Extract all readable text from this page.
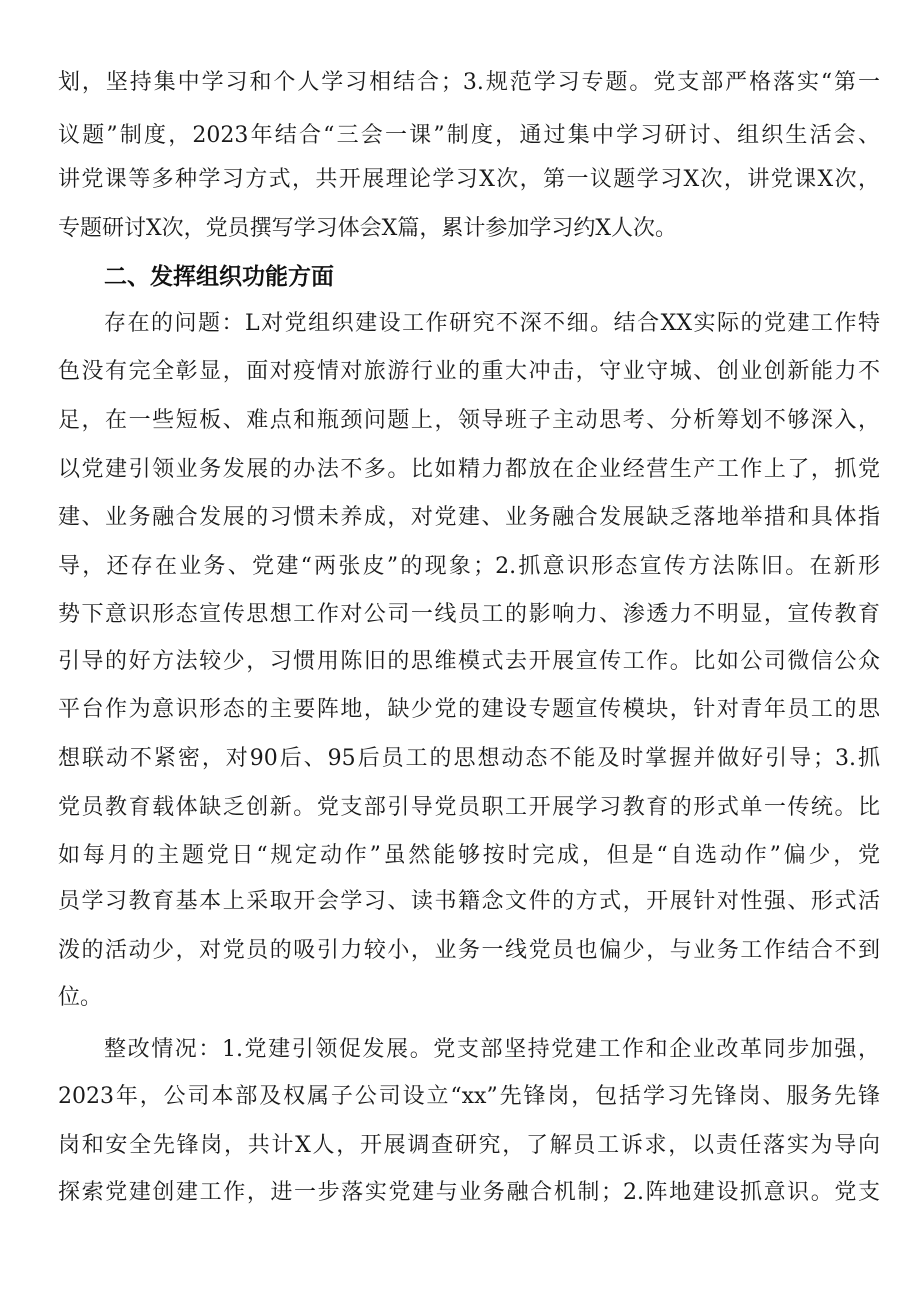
划，坚持集中学习和个人学习相结合；3.规范学习专题。党支部严格落实“第一
议题”制度，2023年结合“三会一课”制度，通过集中学习研讨、组织生活会、
讲党课等多种学习方式，共开展理论学习X次，第一议题学习X次，讲党课X次，
专题研讨X次，党员撰写学习体会X篇，累计参加学习约X人次。
二、发挥组织功能方面
存在的问题：L对党组织建设工作研究不深不细。结合XX实际的党建工作特
色没有完全彰显，面对疫情对旅游行业的重大冲击，守业守城、创业创新能力不
足，在一些短板、难点和瓶颈问题上，领导班子主动思考、分析筹划不够深入，
以党建引领业务发展的办法不多。比如精力都放在企业经营生产工作上了，抓党
建、业务融合发展的习惯未养成，对党建、业务融合发展缺乏落地举措和具体指
导，还存在业务、党建“两张皮”的现象；2.抓意识形态宣传方法陈旧。在新形
势下意识形态宣传思想工作对公司一线员工的影响力、渗透力不明显，宣传教育
引导的好方法较少，习惯用陈旧的思维模式去开展宣传工作。比如公司微信公众
平台作为意识形态的主要阵地，缺少党的建设专题宣传模块，针对青年员工的思
想联动不紧密，对90后、95后员工的思想动态不能及时掌握并做好引导；3.抓
党员教育载体缺乏创新。党支部引导党员职工开展学习教育的形式单一传统。比
如每月的主题党日“规定动作”虽然能够按时完成，但是“自选动作”偏少，党
员学习教育基本上采取开会学习、读书籍念文件的方式，开展针对性强、形式活
泼的活动少，对党员的吸引力较小，业务一线党员也偏少，与业务工作结合不到
位。
整改情况：1.党建引领促发展。党支部坚持党建工作和企业改革同步加强，
2023年，公司本部及权属子公司设立“xx”先锋岗，包括学习先锋岗、服务先锋
岗和安全先锋岗，共计X人，开展调查研究，了解员工诉求，以责任落实为导向
探索党建创建工作，进一步落实党建与业务融合机制；2.阵地建设抓意识。党支
